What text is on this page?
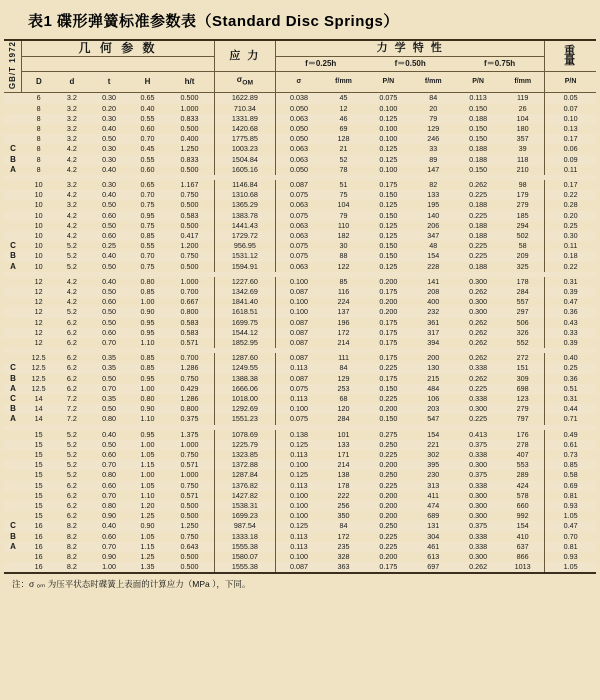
表1 碟形弹簧标准参数表（Standard Disc Springs）
GB/T 1972	几 何 参 数					应 力	力 学 特 性						重
量

							f＝0.25h		f＝0.50h		f＝0.75h		
	D	d	t	H	h/t	$\sigma_{OM}$	σ	f/mm	P/N	f/mm	P/N	f/mm	P/N
	6	3.2	0.30	0.65	0.500	1622.89	0.038	45	0.075	84	0.113	119	0.05
	8	3.2	0.20	0.40	1.000	710.34	0.050	12	0.100	20	0.150	26	0.07
	8	3.2	0.30	0.55	0.833	1331.89	0.063	46	0.125	79	0.188	104	0.10
	8	3.2	0.40	0.60	0.500	1420.68	0.050	69	0.100	129	0.150	180	0.13
	8	3.2	0.50	0.70	0.400	1775.85	0.050	128	0.100	246	0.150	357	0.17
C	8	4.2	0.30	0.45	1.250	1003.23	0.063	21	0.125	33	0.188	39	0.06
B	8	4.2	0.30	0.55	0.833	1504.84	0.063	52	0.125	89	0.188	118	0.09
A	8	4.2	0.40	0.60	0.500	1605.16	0.050	78	0.100	147	0.150	210	0.11

	10	3.2	0.30	0.65	1.167	1146.84	0.087	51	0.175	82	0.262	98	0.17
	10	4.2	0.40	0.70	0.750	1310.68	0.075	75	0.150	133	0.225	179	0.22
	10	3.2	0.50	0.75	0.500	1365.29	0.063	104	0.125	195	0.188	279	0.28
	10	4.2	0.60	0.95	0.583	1383.78	0.075	79	0.150	140	0.225	185	0.20
	10	4.2	0.50	0.75	0.500	1441.43	0.063	110	0.125	206	0.188	294	0.25
	10	4.2	0.60	0.85	0.417	1729.72	0.063	182	0.125	347	0.188	502	0.30
C	10	5.2	0.25	0.55	1.200	956.95	0.075	30	0.150	48	0.225	58	0.11
B	10	5.2	0.40	0.70	0.750	1531.12	0.075	88	0.150	154	0.225	209	0.18
A	10	5.2	0.50	0.75	0.500	1594.91	0.063	122	0.125	228	0.188	325	0.22

	12	4.2	0.40	0.80	1.000	1227.60	0.100	85	0.200	141	0.300	178	0.31
	12	4.2	0.50	0.85	0.700	1342.69	0.087	116	0.175	208	0.262	284	0.39
	12	4.2	0.60	1.00	0.667	1841.40	0.100	224	0.200	400	0.300	557	0.47
	12	5.2	0.50	0.90	0.800	1618.51	0.100	137	0.200	232	0.300	297	0.36
	12	6.2	0.50	0.95	0.583	1699.75	0.087	196	0.175	361	0.262	506	0.43
	12	6.2	0.60	0.95	0.583	1544.12	0.087	172	0.175	317	0.262	326	0.33
	12	6.2	0.70	1.10	0.571	1852.95	0.087	214	0.175	394	0.262	552	0.39

	12.5	6.2	0.35	0.85	0.700	1287.60	0.087	111	0.175	200	0.262	272	0.40
C	12.5	6.2	0.35	0.85	1.286	1249.55	0.113	84	0.225	130	0.338	151	0.25
B	12.5	6.2	0.50	0.95	0.750	1388.38	0.087	129	0.175	215	0.262	309	0.36
A	12.5	6.2	0.70	1.00	0.429	1666.06	0.075	253	0.150	484	0.225	698	0.51
C	14	7.2	0.35	0.80	1.286	1018.00	0.113	68	0.225	106	0.338	123	0.31
B	14	7.2	0.50	0.90	0.800	1292.69	0.100	120	0.200	203	0.300	279	0.44
A	14	7.2	0.80	1.10	0.375	1551.23	0.075	284	0.150	547	0.225	797	0.71

	15	5.2	0.40	0.95	1.375	1078.69	0.138	101	0.275	154	0.413	176	0.49
	15	5.2	0.50	1.00	1.000	1225.79	0.125	133	0.250	221	0.375	278	0.61
	15	5.2	0.60	1.05	0.750	1323.85	0.113	171	0.225	302	0.338	407	0.73
	15	5.2	0.70	1.15	0.571	1372.88	0.100	214	0.200	395	0.300	553	0.85
	15	5.2	0.80	1.00	1.000	1287.84	0.125	138	0.250	230	0.375	289	0.58
	15	6.2	0.60	1.05	0.750	1376.82	0.113	178	0.225	313	0.338	424	0.69
	15	6.2	0.70	1.10	0.571	1427.82	0.100	222	0.200	411	0.300	578	0.81
	15	6.2	0.80	1.20	0.500	1538.31	0.100	256	0.200	474	0.300	660	0.93
	15	6.2	0.90	1.25	0.500	1699.23	0.100	350	0.200	689	0.300	992	1.05
C	16	8.2	0.40	0.90	1.250	987.54	0.125	84	0.250	131	0.375	154	0.47
B	16	8.2	0.60	1.05	0.750	1333.18	0.113	172	0.225	304	0.338	410	0.70
A	16	8.2	0.70	1.15	0.643	1555.38	0.113	235	0.225	461	0.338	637	0.81
	16	8.2	0.90	1.25	0.500	1580.07	0.100	328	0.200	613	0.300	866	0.93
	16	8.2	1.00	1.35	0.500	1555.38	0.087	363	0.175	697	0.262	1013	1.05
注：σ ₀ₘ 为压平状态时碟簧上表面的计算应力（MPa ），下同。
